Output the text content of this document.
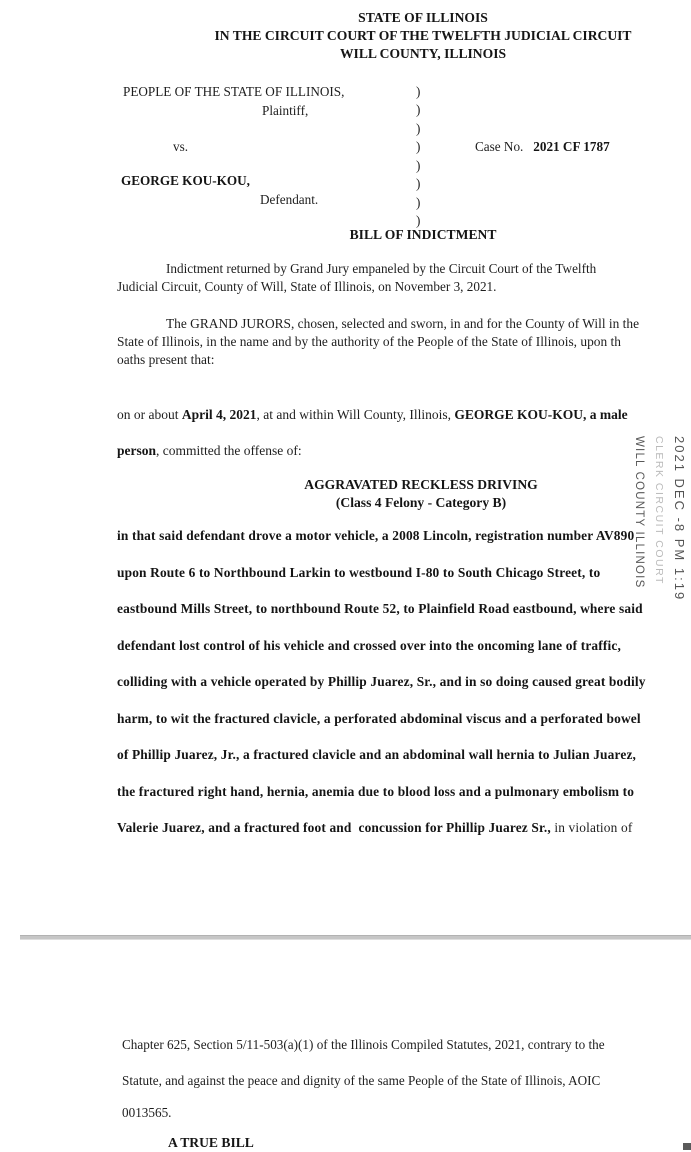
STATE OF ILLINOIS
IN THE CIRCUIT COURT OF THE TWELFTH JUDICIAL CIRCUIT
WILL COUNTY, ILLINOIS
PEOPLE OF THE STATE OF ILLINOIS,
Plaintiff,
vs.
GEORGE KOU-KOU,
Defendant.
)
)
)
)
)
)
)
)
Case No.   2021 CF 1787
BILL OF INDICTMENT
Indictment returned by Grand Jury empaneled by the Circuit Court of the Twelfth
Judicial Circuit, County of Will, State of Illinois, on November 3, 2021.
The GRAND JURORS, chosen, selected and sworn, in and for the County of Will in the
State of Illinois, in the name and by the authority of the People of the State of Illinois, upon th
oaths present that:
on or about April 4, 2021, at and within Will County, Illinois, GEORGE KOU-KOU, a male
person, committed the offense of:
AGGRAVATED RECKLESS DRIVING
(Class 4 Felony - Category B)
in that said defendant drove a motor vehicle, a 2008 Lincoln, registration number AV890
upon Route 6 to Northbound Larkin to westbound I-80 to South Chicago Street, to
eastbound Mills Street, to northbound Route 52, to Plainfield Road eastbound, where said
defendant lost control of his vehicle and crossed over into the oncoming lane of traffic,
colliding with a vehicle operated by Phillip Juarez, Sr., and in so doing caused great bodily
harm, to wit the fractured clavicle, a perforated abdominal viscus and a perforated bowel
of Phillip Juarez, Jr., a fractured clavicle and an abdominal wall hernia to Julian Juarez,
the fractured right hand, hernia, anemia due to blood loss and a pulmonary embolism to
Valerie Juarez, and a fractured foot and  concussion for Phillip Juarez Sr., in violation of
Chapter 625, Section 5/11-503(a)(1) of the Illinois Compiled Statutes, 2021, contrary to the
Statute, and against the peace and dignity of the same People of the State of Illinois, AOIC
0013565.
A TRUE BILL
2021 DEC -8 PM 1:19
CLERK CIRCUIT COURT
WILL COUNTY ILLINOIS
